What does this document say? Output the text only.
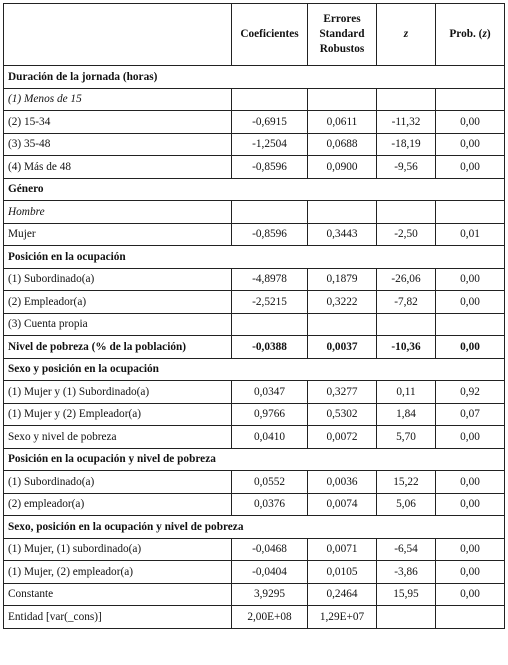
	Coeficientes	Errores Standard Robustos	z	Prob. (z)
Duración de la jornada (horas)				
(1) Menos de 15				
(2) 15-34	-0,6915	0,0611	-11,32	0,00
(3) 35-48	-1,2504	0,0688	-18,19	0,00
(4) Más de 48	-0,8596	0,0900	-9,56	0,00
Género				
Hombre				
Mujer	-0,8596	0,3443	-2,50	0,01
Posición en la ocupación				
(1) Subordinado(a)	-4,8978	0,1879	-26,06	0,00
(2) Empleador(a)	-2,5215	0,3222	-7,82	0,00
(3) Cuenta propia				
Nivel de pobreza (% de la población)	-0,0388	0,0037	-10,36	0,00
Sexo y posición en la ocupación				
(1) Mujer y (1) Subordinado(a)	0,0347	0,3277	0,11	0,92
(1) Mujer y (2) Empleador(a)	0,9766	0,5302	1,84	0,07
Sexo y nivel de pobreza	0,0410	0,0072	5,70	0,00
Posición en la ocupación y nivel de pobreza				
(1) Subordinado(a)	0,0552	0,0036	15,22	0,00
(2) empleador(a)	0,0376	0,0074	5,06	0,00
Sexo, posición en la ocupación y nivel de pobreza				
(1) Mujer, (1) subordinado(a)	-0,0468	0,0071	-6,54	0,00
(1) Mujer, (2) empleador(a)	-0,0404	0,0105	-3,86	0,00
Constante	3,9295	0,2464	15,95	0,00
Entidad [var(_cons)]	2,00E+08	1,29E+07		
